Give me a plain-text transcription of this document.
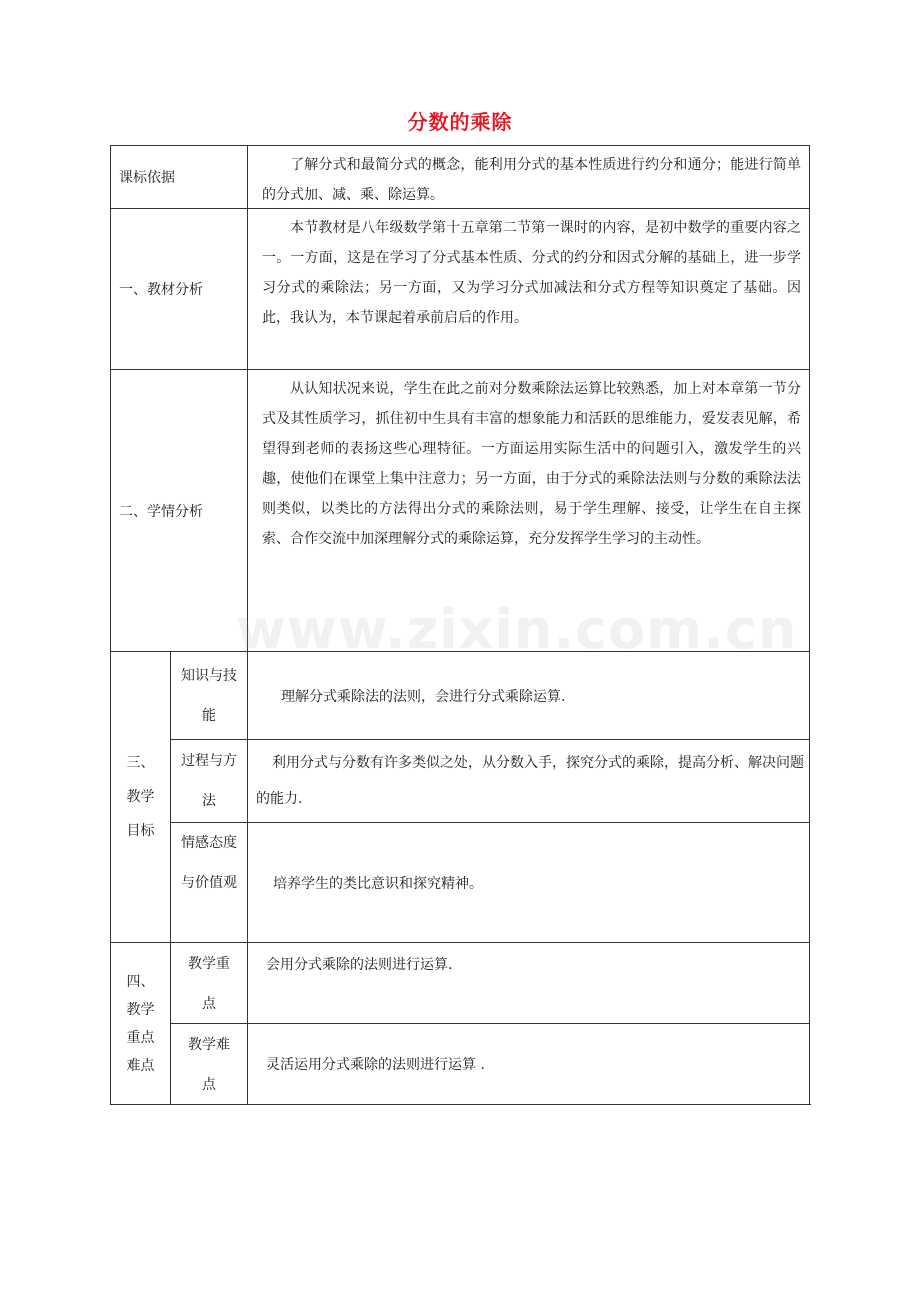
分数的乘除
课标依据
了解分式和最简分式的概念，能利用分式的基本性质进行约分和通分；能进行简单的分式加、减、乘、除运算。
一、教材分析
本节教材是八年级数学第十五章第二节第一课时的内容，是初中数学的重要内容之一。一方面，这是在学习了分式基本性质、分式的约分和因式分解的基础上，进一步学习分式的乘除法；另一方面，又为学习分式加减法和分式方程等知识奠定了基础。因此，我认为，本节课起着承前启后的作用。
二、学情分析
从认知状况来说，学生在此之前对分数乘除法运算比较熟悉，加上对本章第一节分式及其性质学习，抓住初中生具有丰富的想象能力和活跃的思维能力，爱发表见解，希望得到老师的表扬这些心理特征。一方面运用实际生活中的问题引入，激发学生的兴趣，使他们在课堂上集中注意力；另一方面，由于分式的乘除法法则与分数的乘除法法则类似，以类比的方法得出分式的乘除法则，易于学生理解、接受，让学生在自主探索、合作交流中加深理解分式的乘除运算，充分发挥学生学习的主动性。
三、教学目标
知识与技能
理解分式乘除法的法则，会进行分式乘除运算.
过程与方法
利用分式与分数有许多类似之处，从分数入手，探究分式的乘除，提高分析、解决问题的能力.
情感态度与价值观	培养学生的类比意识和探究精神。
四、教学重点难点
教学重点
会用分式乘除的法则进行运算.
教学难点
灵活运用分式乘除的法则进行运算 .
www.zixin.com.cn
